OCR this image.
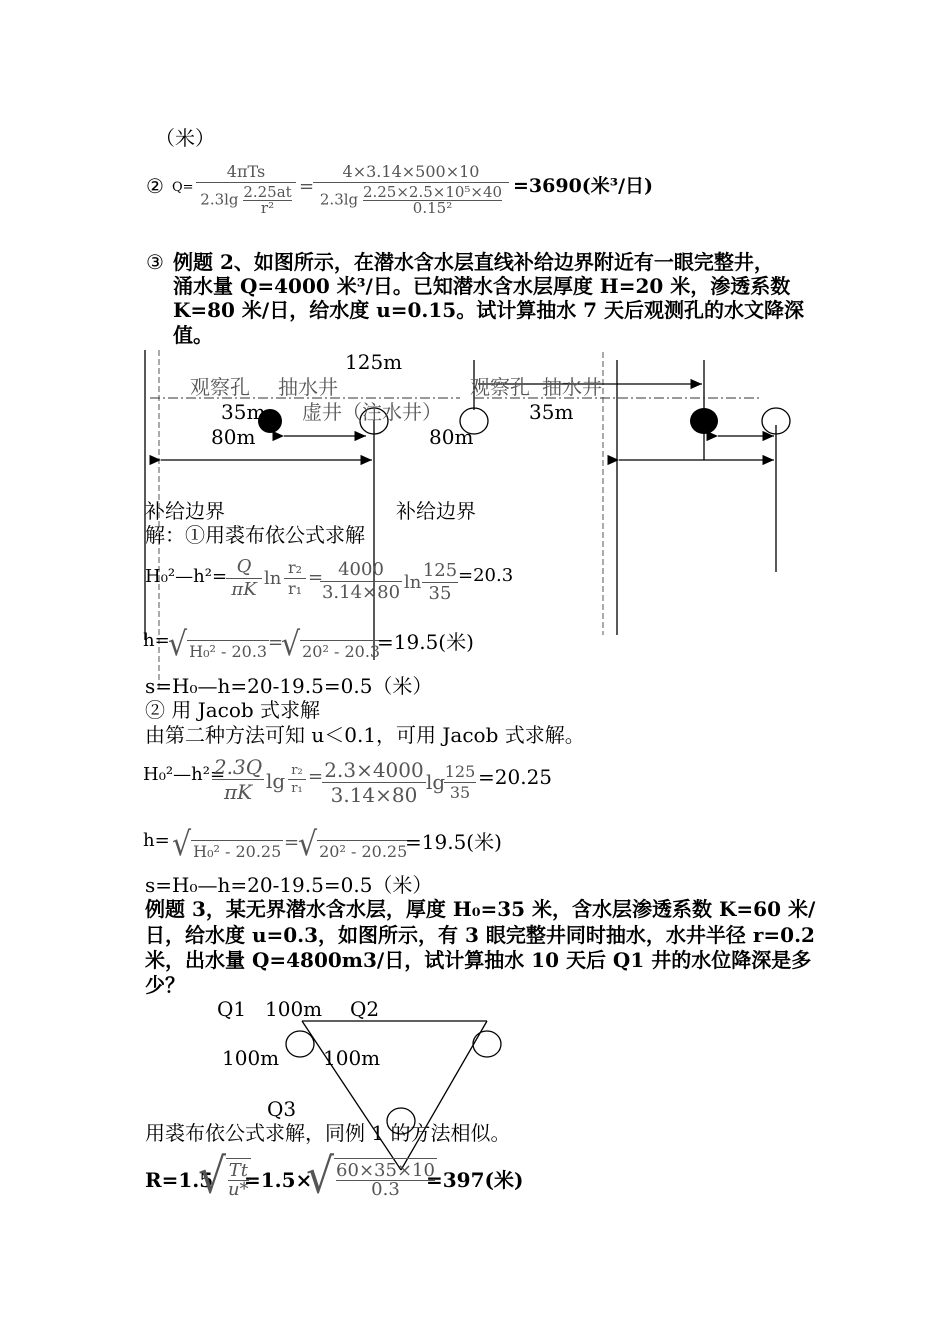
（米）
② Q=
4πTs
$2.3\lg \frac{2.25at}{\text{r²}}$ =
4×3.14×500×10
$2.3\lg \frac{\text{2.25×2.5×10⁵×40}}{\text{0.15²}} =3690$(米³/日)
③ 例题 2、如图所示，在潜水含水层直线补给边界附近有一眼完整井，
涌水量 Q=4000 米³/日。已知潜水含水层厚度 H=20 米，渗透系数
K=80 米/日，给水度 u=0.15。试计算抽水 7 天后观测孔的水文降深
值。
125m
观察孔 抽水井
35m 虚井（注水井）
80m	80m
观察孔 抽水井
35m
补给边界	补给边界
解：①用裘布依公式求解
H₀²—h²= Q
πK
ln
r₂
r₁
= 4000
3.14×80 ln
125
35
=20.3
h=
√ H₀² - 20.3 =
√ 20² - 20.3
=19.5(米)
s=H₀—h=20-19.5=0.5（米）
② 用 Jacob 式求解
由第二种方法可知 u＜0.1，可用 Jacob 式求解。
H₀²—h²=
2.3Q
πK lg r₂
r₁
= 2.3×4000
3.14×80
lg 125
35
=20.25
h= √ H₀² - 20.25 =
√ 20² - 20.25
=19.5(米)
s=H₀—h=20-19.5=0.5（米）
例题 3，某无界潜水含水层，厚度 H₀=35 米，含水层渗透系数 K=60 米/
日，给水度 u=0.3，如图所示，有 3 眼完整井同时抽水，水井半径 r=0.2
米，出水量 Q=4800m3/日，试计算抽水 10 天后 Q1 井的水位降深是多
少？
Q1 100m Q2
100m 100m
Q3
用裘布依公式求解，同例 1 的方法相似。
R=1.5
√ $\frac{Tt}{u*}$
=1.5×
√ $\frac{60\times 35\times 10}{0.3}$
=397(米)
